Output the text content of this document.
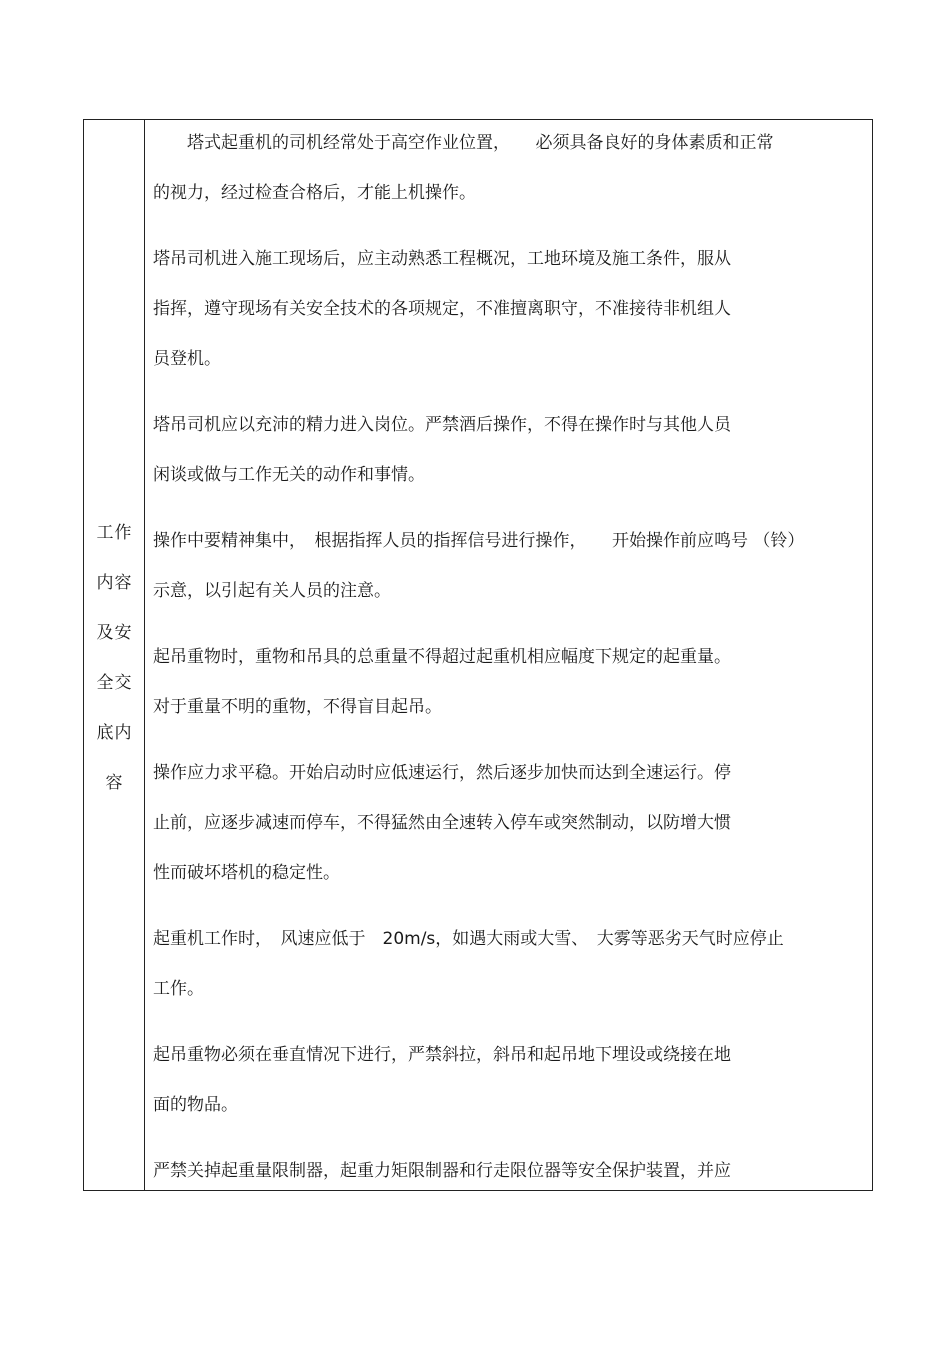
工作
内容
及安
全交
底内
容
　　塔式起重机的司机经常处于高空作业位置，　　必须具备良好的身体素质和正常
的视力，经过检查合格后，才能上机操作。
塔吊司机进入施工现场后，应主动熟悉工程概况，工地环境及施工条件，服从
指挥，遵守现场有关安全技术的各项规定，不准擅离职守，不准接待非机组人
员登机。
塔吊司机应以充沛的精力进入岗位。严禁酒后操作，不得在操作时与其他人员
闲谈或做与工作无关的动作和事情。
操作中要精神集中，　根据指挥人员的指挥信号进行操作，　　开始操作前应鸣号 （铃）
示意，以引起有关人员的注意。
起吊重物时，重物和吊具的总重量不得超过起重机相应幅度下规定的起重量。
对于重量不明的重物，不得盲目起吊。
操作应力求平稳。开始启动时应低速运行，然后逐步加快而达到全速运行。停
止前，应逐步减速而停车，不得猛然由全速转入停车或突然制动，以防增大惯
性而破坏塔机的稳定性。
起重机工作时，　风速应低于　20m/s，如遇大雨或大雪、　大雾等恶劣天气时应停止
工作。
起吊重物必须在垂直情况下进行，严禁斜拉，斜吊和起吊地下埋设或绕接在地
面的物品。
严禁关掉起重量限制器，起重力矩限制器和行走限位器等安全保护装置，并应
